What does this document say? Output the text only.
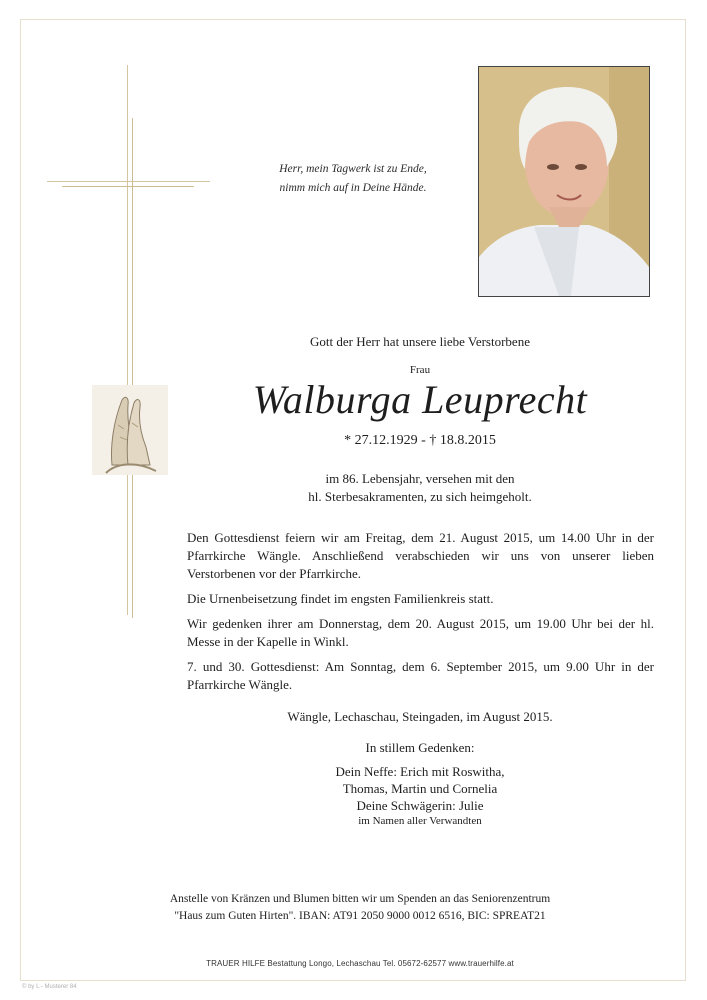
Herr, mein Tagwerk ist zu Ende,
nimm mich auf in Deine Hände.
Gott der Herr hat unsere liebe Verstorbene
Frau
Walburga Leuprecht
* 27.12.1929 - † 18.8.2015
im 86. Lebensjahr, versehen mit den
hl. Sterbesakramenten, zu sich heimgeholt.

Den Gottesdienst feiern wir am Freitag, dem 21. August 2015, um 14.00 Uhr in der Pfarrkirche Wängle. Anschließend verabschieden wir uns von unserer lieben Verstorbenen vor der Pfarrkirche.

Die Urnenbeisetzung findet im engsten Familienkreis statt.

Wir gedenken ihrer am Donnerstag, dem 20. August 2015, um 19.00 Uhr bei der hl. Messe in der Kapelle in Winkl.

7. und 30. Gottesdienst: Am Sonntag, dem 6. September 2015, um 9.00 Uhr in der Pfarrkirche Wängle.

Wängle, Lechaschau, Steingaden, im August 2015.
In stillem Gedenken:
Dein Neffe: Erich mit Roswitha,
Thomas, Martin und Cornelia
Deine Schwägerin: Julie
im Namen aller Verwandten
Anstelle von Kränzen und Blumen bitten wir um Spenden an das Seniorenzentrum
"Haus zum Guten Hirten". IBAN: AT91 2050 9000 0012 6516, BIC: SPREAT21
TRAUER HILFE Bestattung Longo, Lechaschau Tel. 05672-62577 www.trauerhilfe.at
© by L - Musterer 84
